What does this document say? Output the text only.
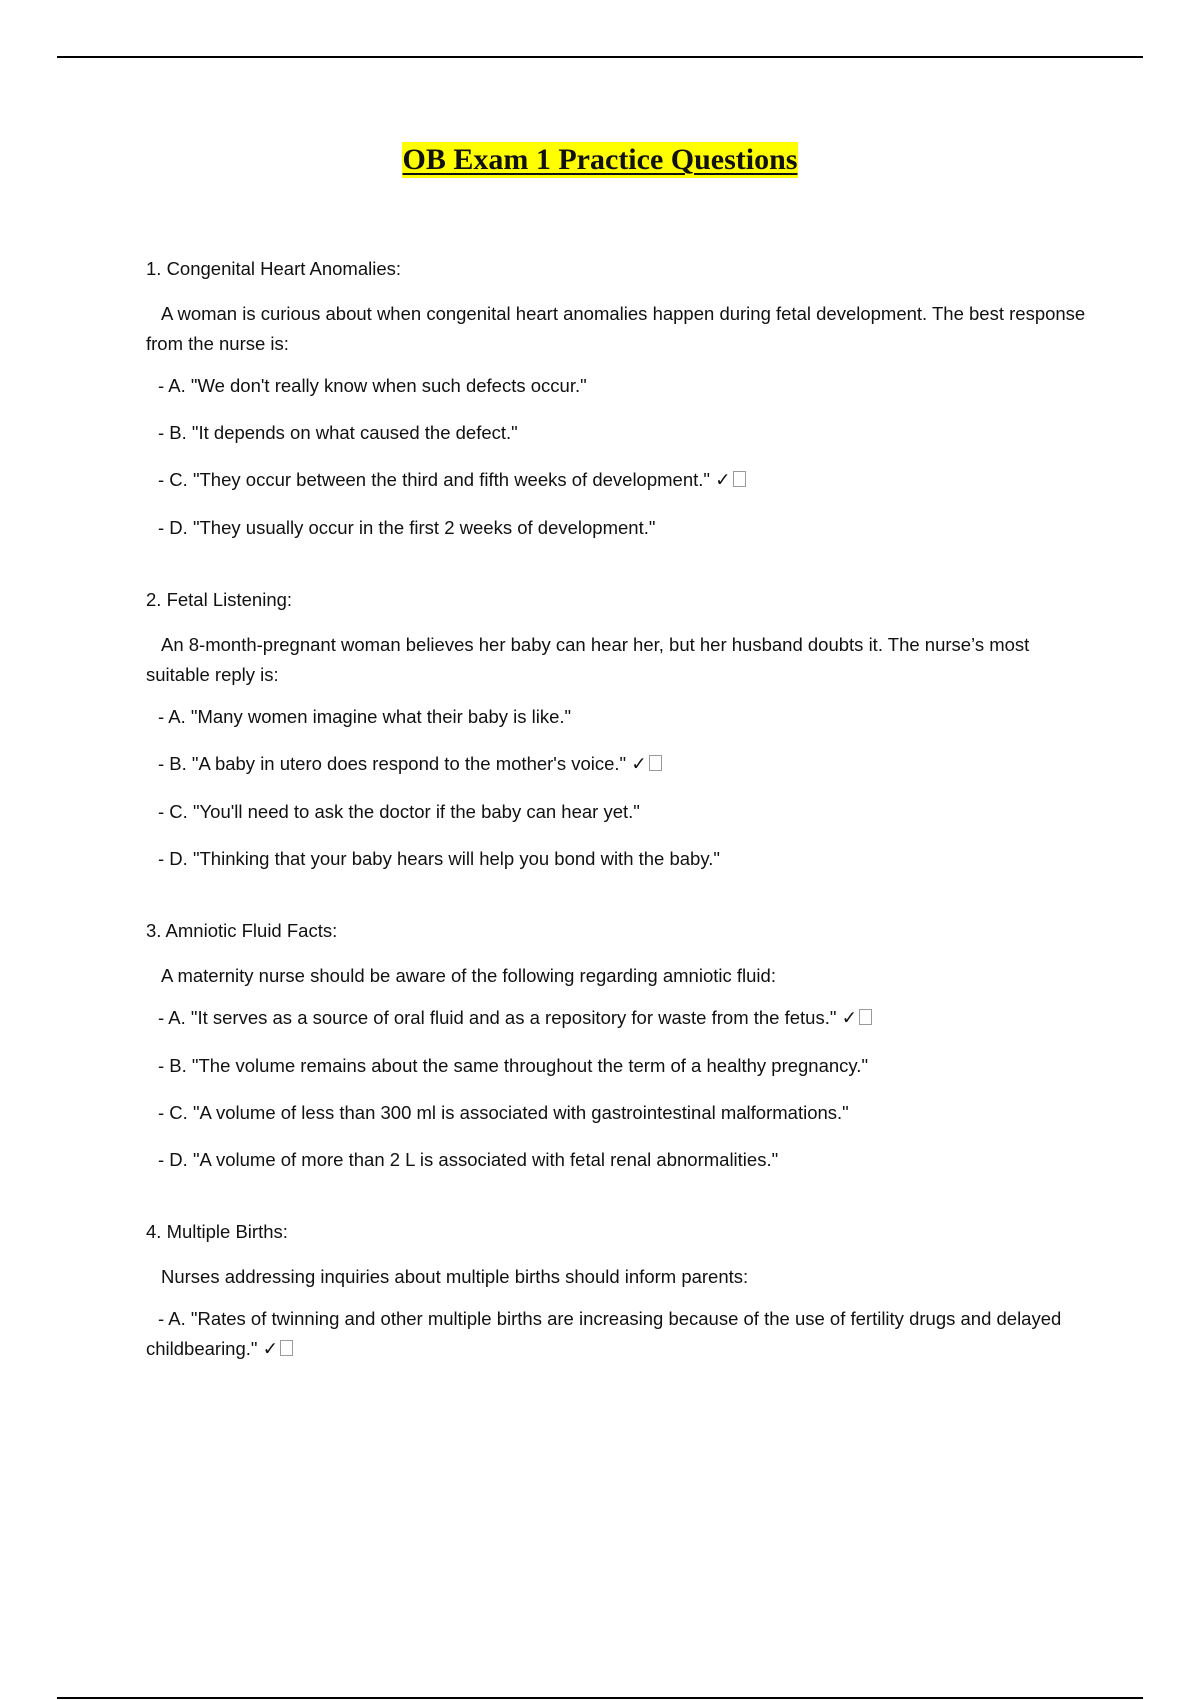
OB Exam 1 Practice Questions
1. Congenital Heart Anomalies:
A woman is curious about when congenital heart anomalies happen during fetal development. The best response from the nurse is:
- A. "We don't really know when such defects occur."
- B. "It depends on what caused the defect."
- C. "They occur between the third and fifth weeks of development." ✓
- D. "They usually occur in the first 2 weeks of development."
2. Fetal Listening:
An 8-month-pregnant woman believes her baby can hear her, but her husband doubts it. The nurse’s most suitable reply is:
- A. "Many women imagine what their baby is like."
- B. "A baby in utero does respond to the mother's voice." ✓
- C. "You'll need to ask the doctor if the baby can hear yet."
- D. "Thinking that your baby hears will help you bond with the baby."
3. Amniotic Fluid Facts:
A maternity nurse should be aware of the following regarding amniotic fluid:
- A. "It serves as a source of oral fluid and as a repository for waste from the fetus." ✓
- B. "The volume remains about the same throughout the term of a healthy pregnancy."
- C. "A volume of less than 300 ml is associated with gastrointestinal malformations."
- D. "A volume of more than 2 L is associated with fetal renal abnormalities."
4. Multiple Births:
Nurses addressing inquiries about multiple births should inform parents:
- A. "Rates of twinning and other multiple births are increasing because of the use of fertility drugs and delayed childbearing." ✓
